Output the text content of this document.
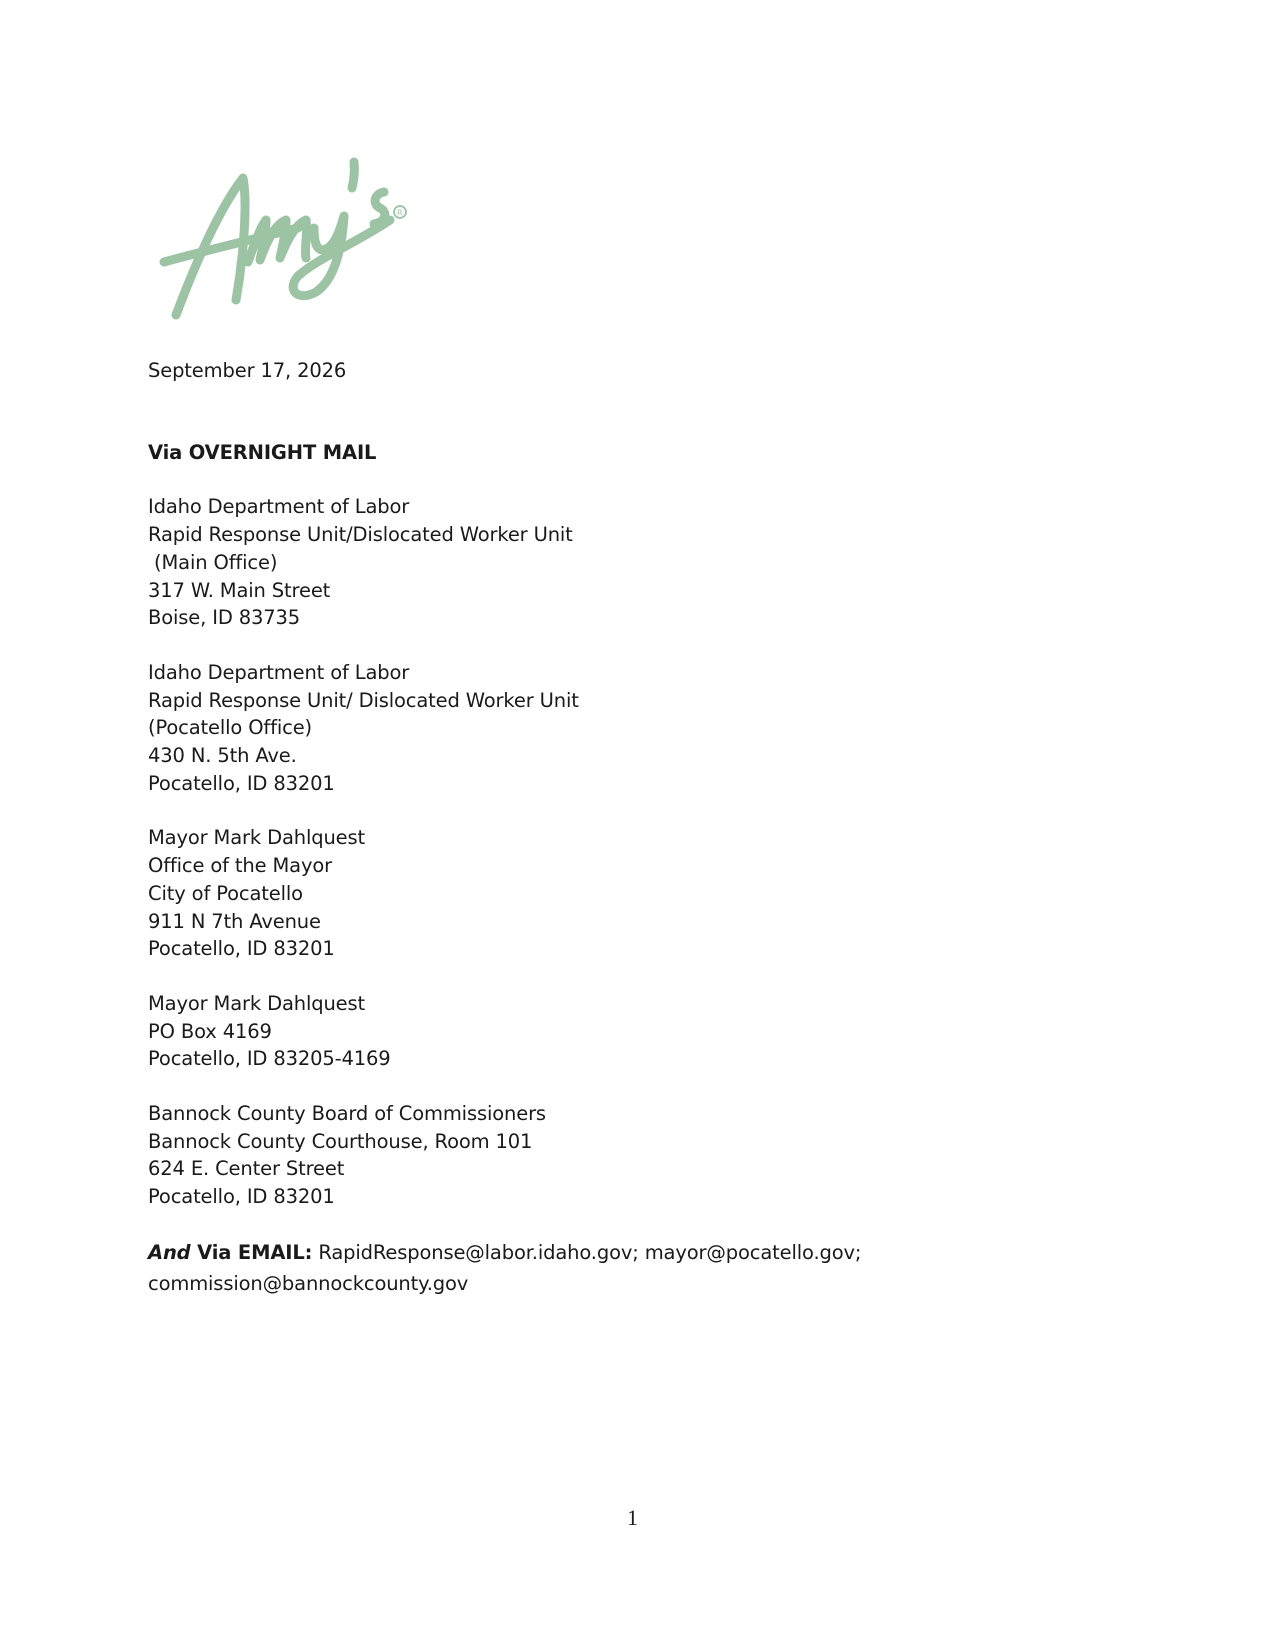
R
September 17, 2026
Via OVERNIGHT MAIL
Idaho Department of Labor
Rapid Response Unit/Dislocated Worker Unit
(Main Office)
317 W. Main Street
Boise, ID 83735
Idaho Department of Labor
Rapid Response Unit/ Dislocated Worker Unit
(Pocatello Office)
430 N. 5th Ave.
Pocatello, ID 83201
Mayor Mark Dahlquest
Office of the Mayor
City of Pocatello
911 N 7th Avenue
Pocatello, ID 83201
Mayor Mark Dahlquest
PO Box 4169
Pocatello, ID 83205-4169
Bannock County Board of Commissioners
Bannock County Courthouse, Room 101
624 E. Center Street
Pocatello, ID 83201
And Via EMAIL: RapidResponse@labor.idaho.gov; mayor@pocatello.gov;
commission@bannockcounty.gov
1
